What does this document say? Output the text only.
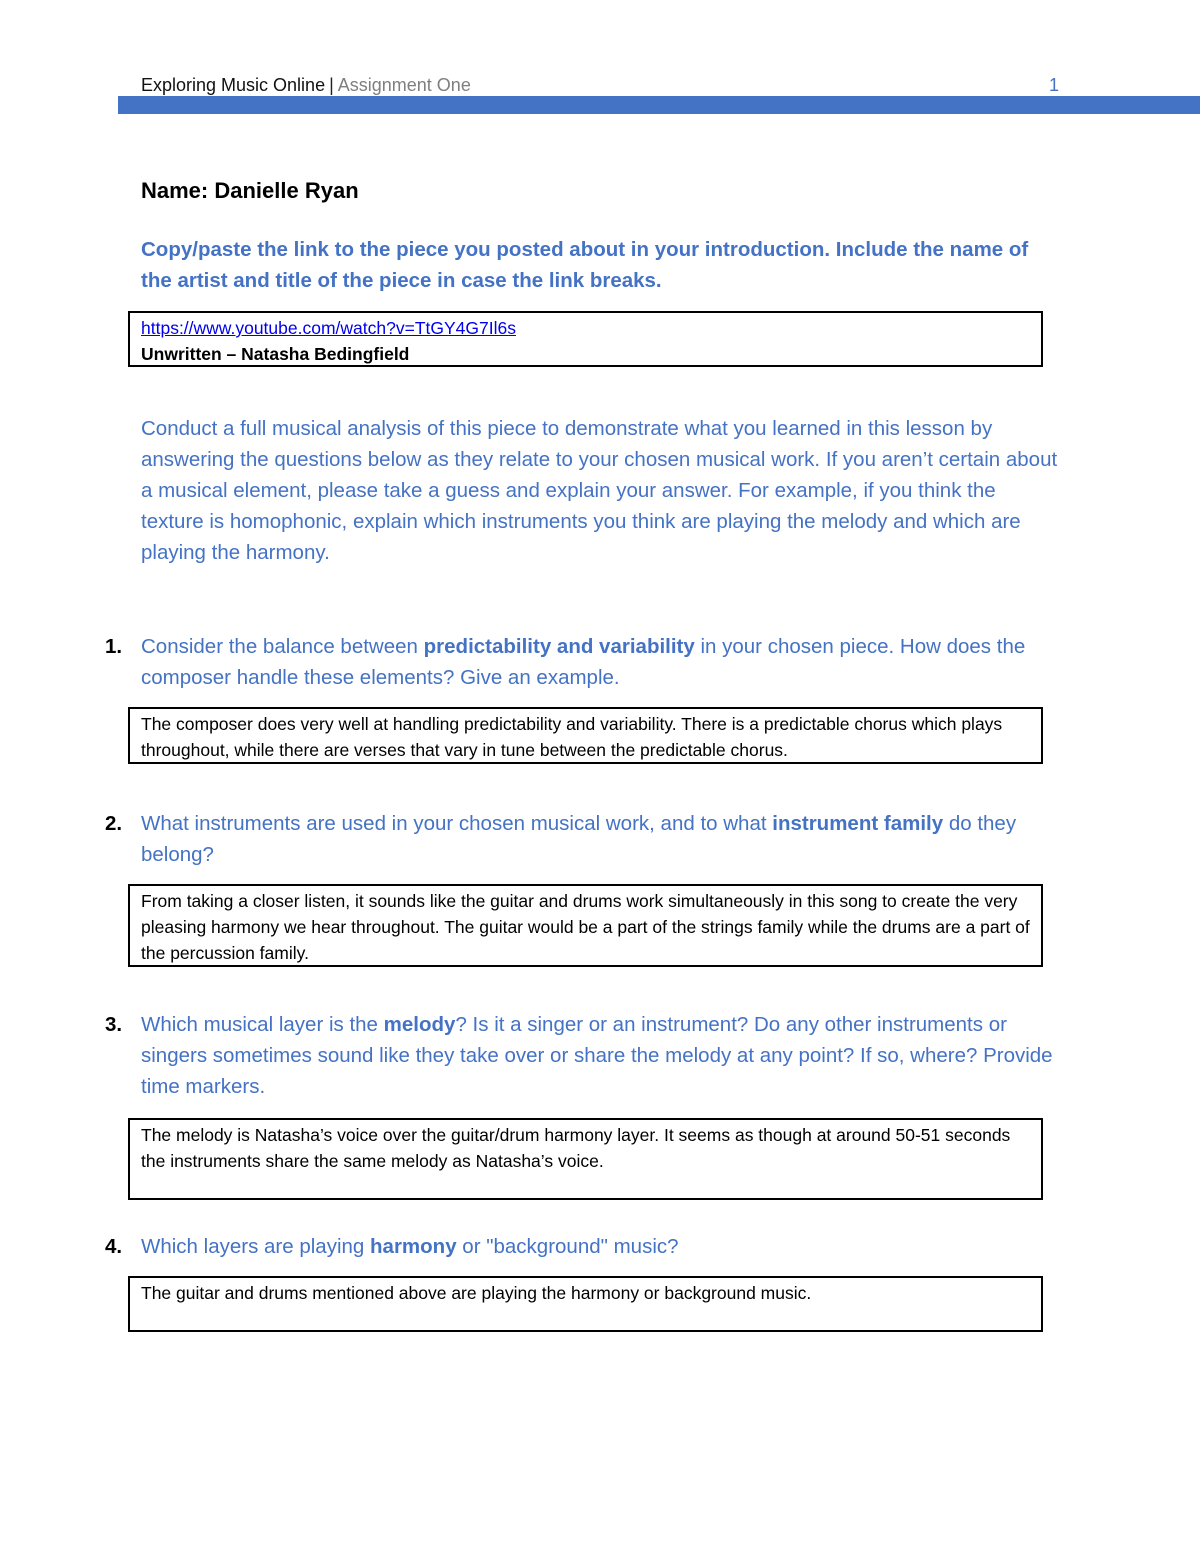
Exploring Music Online | Assignment One	1
Name: Danielle Ryan
Copy/paste the link to the piece you posted about in your introduction. Include the name of the artist and title of the piece in case the link breaks.
https://www.youtube.com/watch?v=TtGY4G7Il6s
Unwritten – Natasha Bedingfield
Conduct a full musical analysis of this piece to demonstrate what you learned in this lesson by answering the questions below as they relate to your chosen musical work. If you aren’t certain about a musical element, please take a guess and explain your answer. For example, if you think the texture is homophonic, explain which instruments you think are playing the melody and which are playing the harmony.
1. Consider the balance between predictability and variability in your chosen piece. How does the composer handle these elements? Give an example.
The composer does very well at handling predictability and variability. There is a predictable chorus which plays throughout, while there are verses that vary in tune between the predictable chorus.
2. What instruments are used in your chosen musical work, and to what instrument family do they belong?
From taking a closer listen, it sounds like the guitar and drums work simultaneously in this song to create the very pleasing harmony we hear throughout. The guitar would be a part of the strings family while the drums are a part of the percussion family.
3. Which musical layer is the melody? Is it a singer or an instrument? Do any other instruments or singers sometimes sound like they take over or share the melody at any point? If so, where? Provide time markers.
The melody is Natasha’s voice over the guitar/drum harmony layer. It seems as though at around 50-51 seconds the instruments share the same melody as Natasha’s voice.
4. Which layers are playing harmony or "background" music?
The guitar and drums mentioned above are playing the harmony or background music.
